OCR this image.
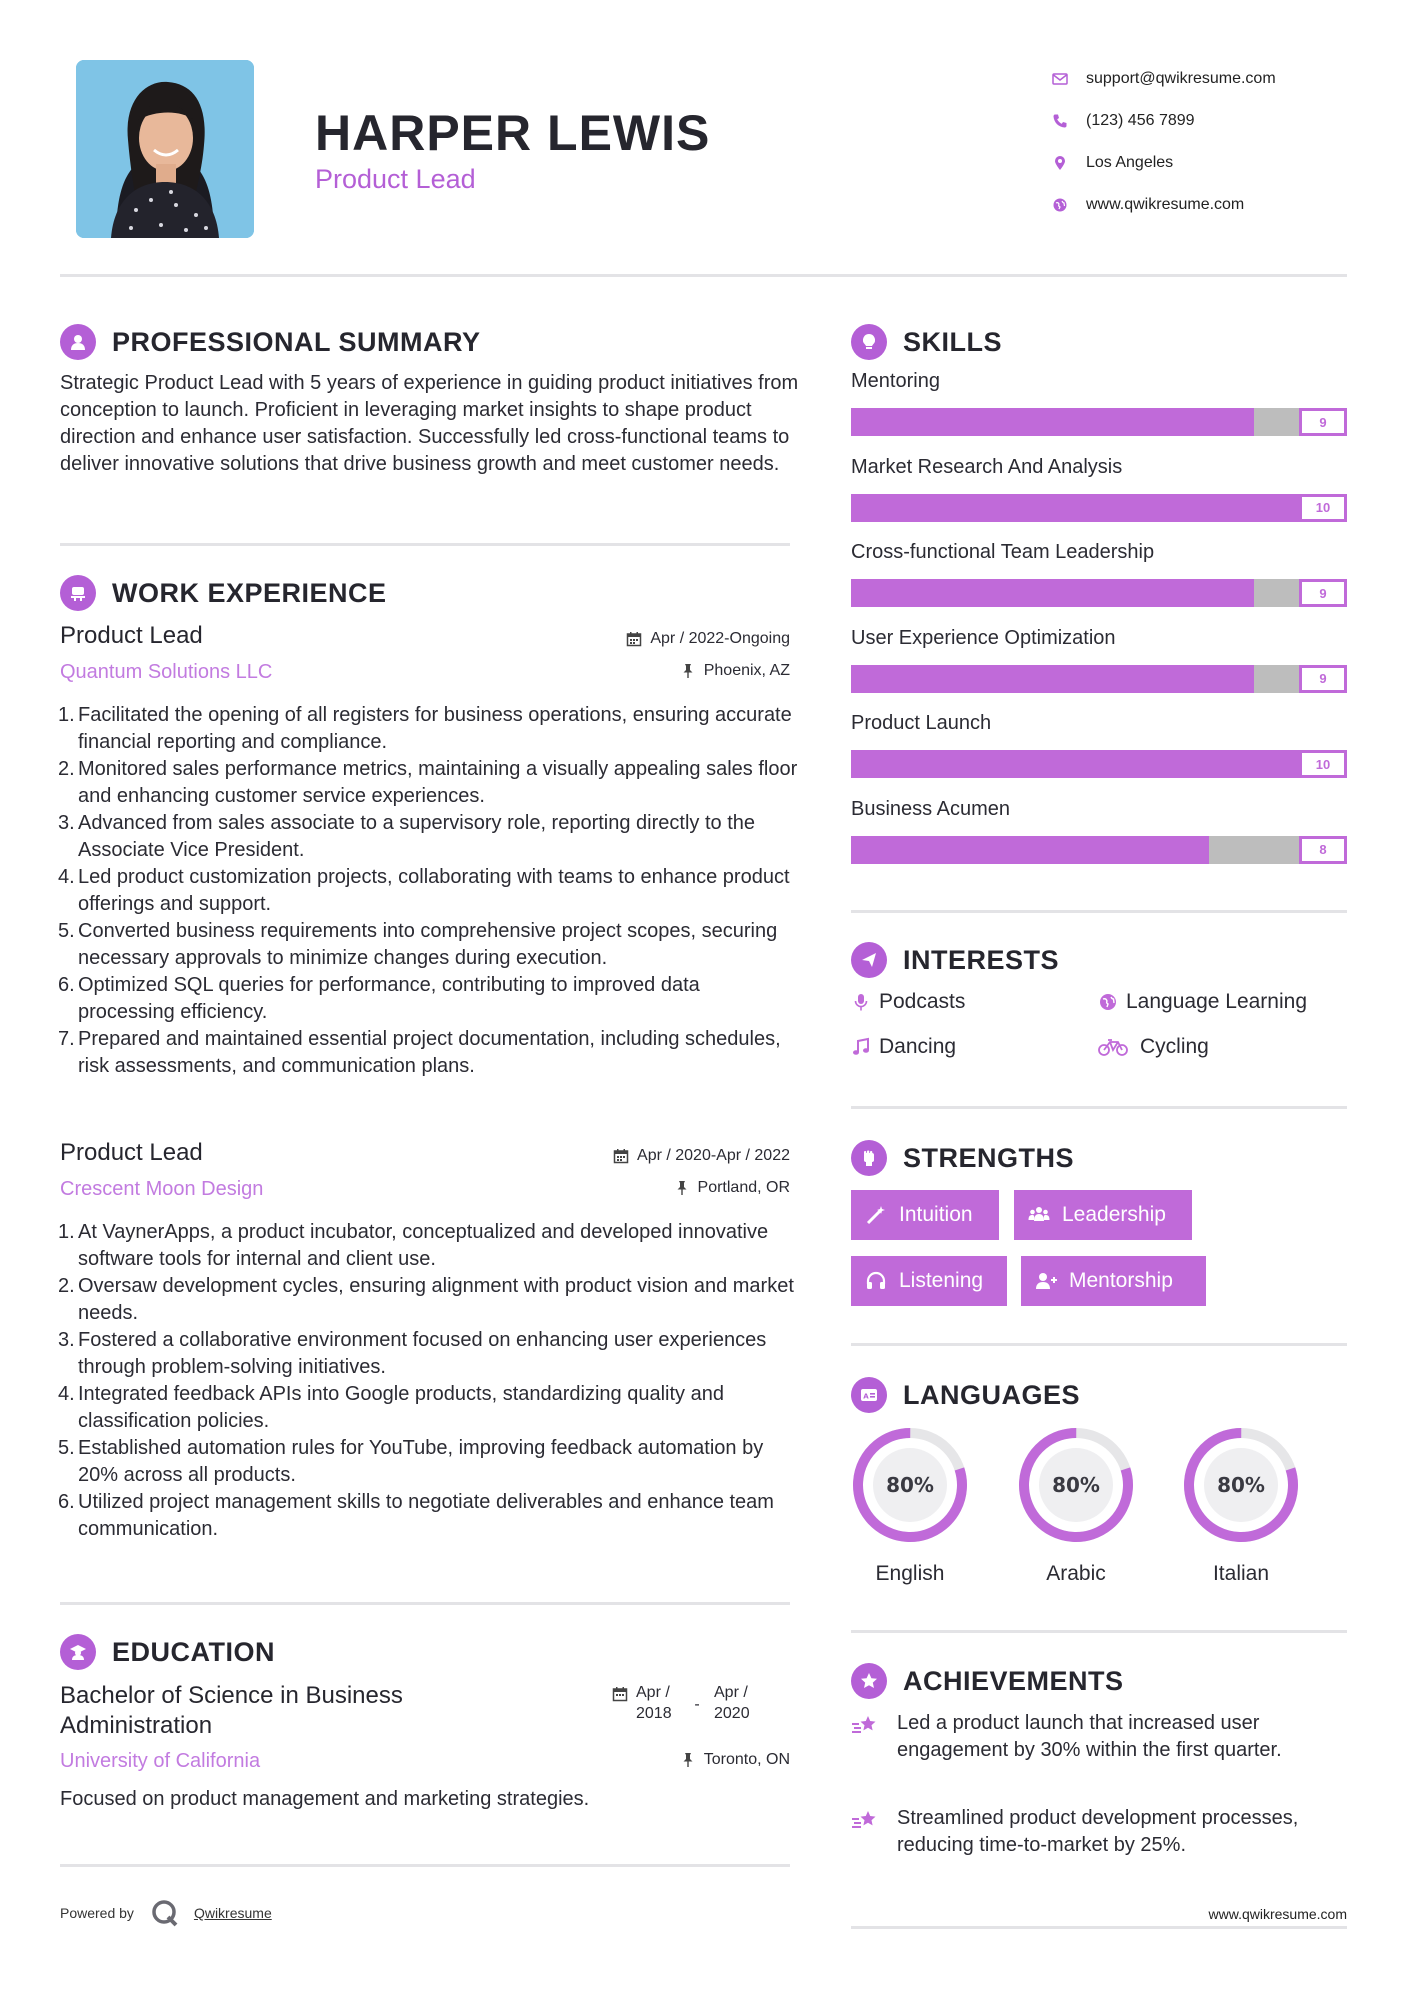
HARPER LEWIS
Product Lead
support@qwikresume.com
(123) 456 7899
Los Angeles
www.qwikresume.com
PROFESSIONAL SUMMARY
Strategic Product Lead with 5 years of experience in guiding product initiatives from conception to launch. Proficient in leveraging market insights to shape product direction and enhance user satisfaction. Successfully led cross-functional teams to deliver innovative solutions that drive business growth and meet customer needs.
WORK EXPERIENCE
Product Lead
Quantum Solutions LLC
Apr / 2022-Ongoing
Phoenix, AZ
Facilitated the opening of all registers for business operations, ensuring accurate financial reporting and compliance.
Monitored sales performance metrics, maintaining a visually appealing sales floor and enhancing customer service experiences.
Advanced from sales associate to a supervisory role, reporting directly to the Associate Vice President.
Led product customization projects, collaborating with teams to enhance product offerings and support.
Converted business requirements into comprehensive project scopes, securing necessary approvals to minimize changes during execution.
Optimized SQL queries for performance, contributing to improved data processing efficiency.
Prepared and maintained essential project documentation, including schedules, risk assessments, and communication plans.
Product Lead
Crescent Moon Design
Apr / 2020-Apr / 2022
Portland, OR
At VaynerApps, a product incubator, conceptualized and developed innovative software tools for internal and client use.
Oversaw development cycles, ensuring alignment with product vision and market needs.
Fostered a collaborative environment focused on enhancing user experiences through problem-solving initiatives.
Integrated feedback APIs into Google products, standardizing quality and classification policies.
Established automation rules for YouTube, improving feedback automation by 20% across all products.
Utilized project management skills to negotiate deliverables and enhance team communication.
EDUCATION
Bachelor of Science in Business Administration
University of California
Apr / 2018
-
Apr / 2020
Toronto, ON
Focused on product management and marketing strategies.
SKILLS
Mentoring
9
Market Research And Analysis
10
Cross-functional Team Leadership
9
User Experience Optimization
9
Product Launch
10
Business Acumen
8
INTERESTS
Podcasts	Language Learning
Dancing	Cycling
STRENGTHS
Intuition	Leadership
Listening	Mentorship
A LANGUAGES
80%
English
80%
Arabic
80%
Italian
ACHIEVEMENTS
Led a product launch that increased user engagement by 30% within the first quarter.
Streamlined product development processes, reducing time-to-market by 25%.
Powered by	Qwikresume	www.qwikresume.com
